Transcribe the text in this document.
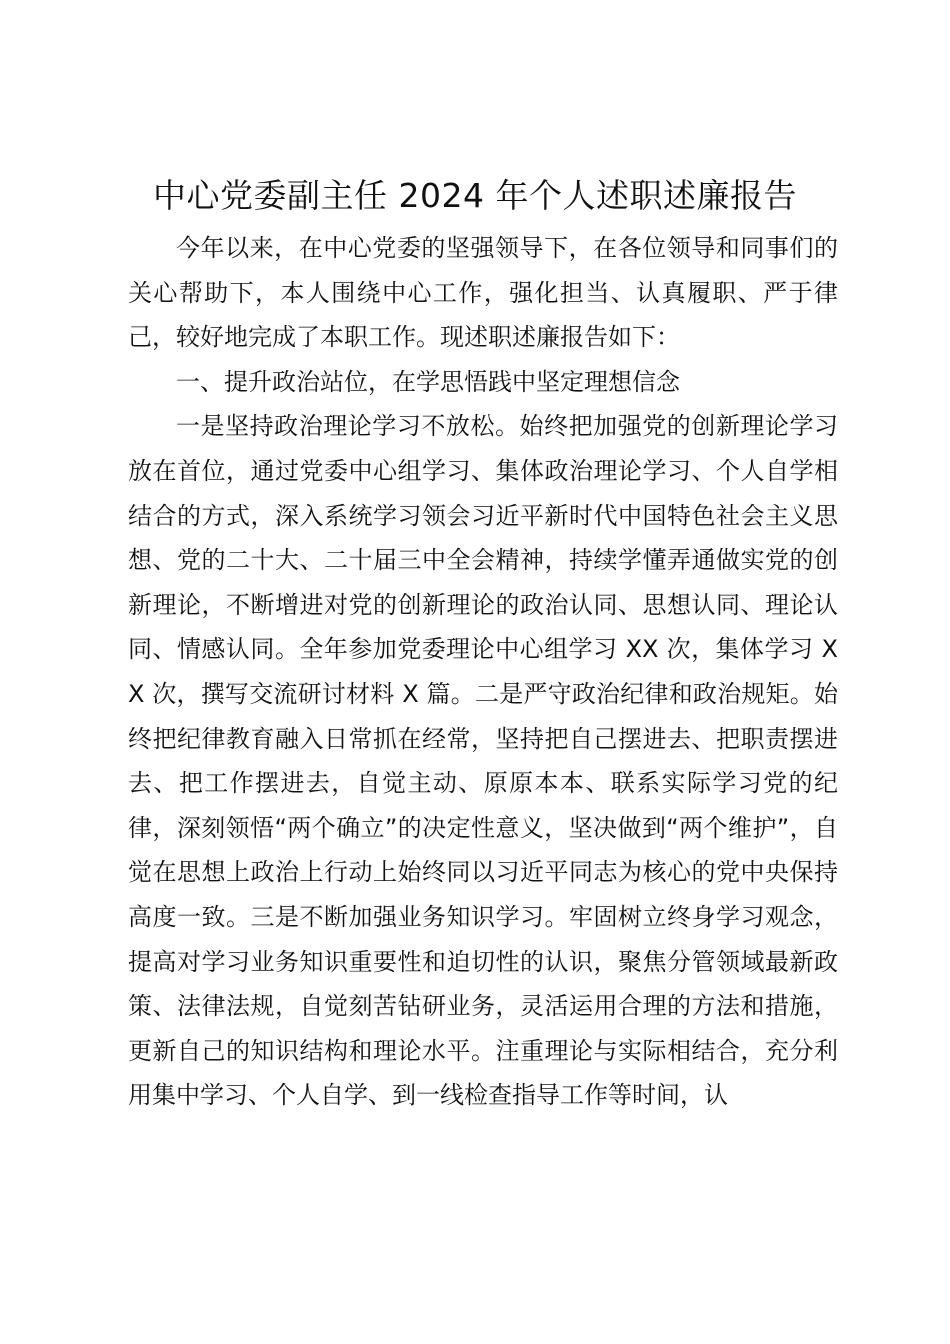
中心党委副主任 2024 年个人述职述廉报告

今年以来，在中心党委的坚强领导下，在各位领导和同事们的关心帮助下，本人围绕中心工作，强化担当、认真履职、严于律己，较好地完成了本职工作。现述职述廉报告如下：

一、提升政治站位，在学思悟践中坚定理想信念

一是坚持政治理论学习不放松。始终把加强党的创新理论学习放在首位，通过党委中心组学习、集体政治理论学习、个人自学相结合的方式，深入系统学习领会习近平新时代中国特色社会主义思想、党的二十大、二十届三中全会精神，持续学懂弄通做实党的创新理论，不断增进对党的创新理论的政治认同、思想认同、理论认同、情感认同。全年参加党委理论中心组学习 XX 次，集体学习 XX 次，撰写交流研讨材料 X 篇。二是严守政治纪律和政治规矩。始终把纪律教育融入日常抓在经常，坚持把自己摆进去、把职责摆进去、把工作摆进去，自觉主动、原原本本、联系实际学习党的纪律，深刻领悟“两个确立”的决定性意义，坚决做到“两个维护”，自觉在思想上政治上行动上始终同以习近平同志为核心的党中央保持高度一致。三是不断加强业务知识学习。牢固树立终身学习观念，提高对学习业务知识重要性和迫切性的认识，聚焦分管领域最新政策、法律法规，自觉刻苦钻研业务，灵活运用合理的方法和措施，更新自己的知识结构和理论水平。注重理论与实际相结合，充分利用集中学习、个人自学、到一线检查指导工作等时间，认
